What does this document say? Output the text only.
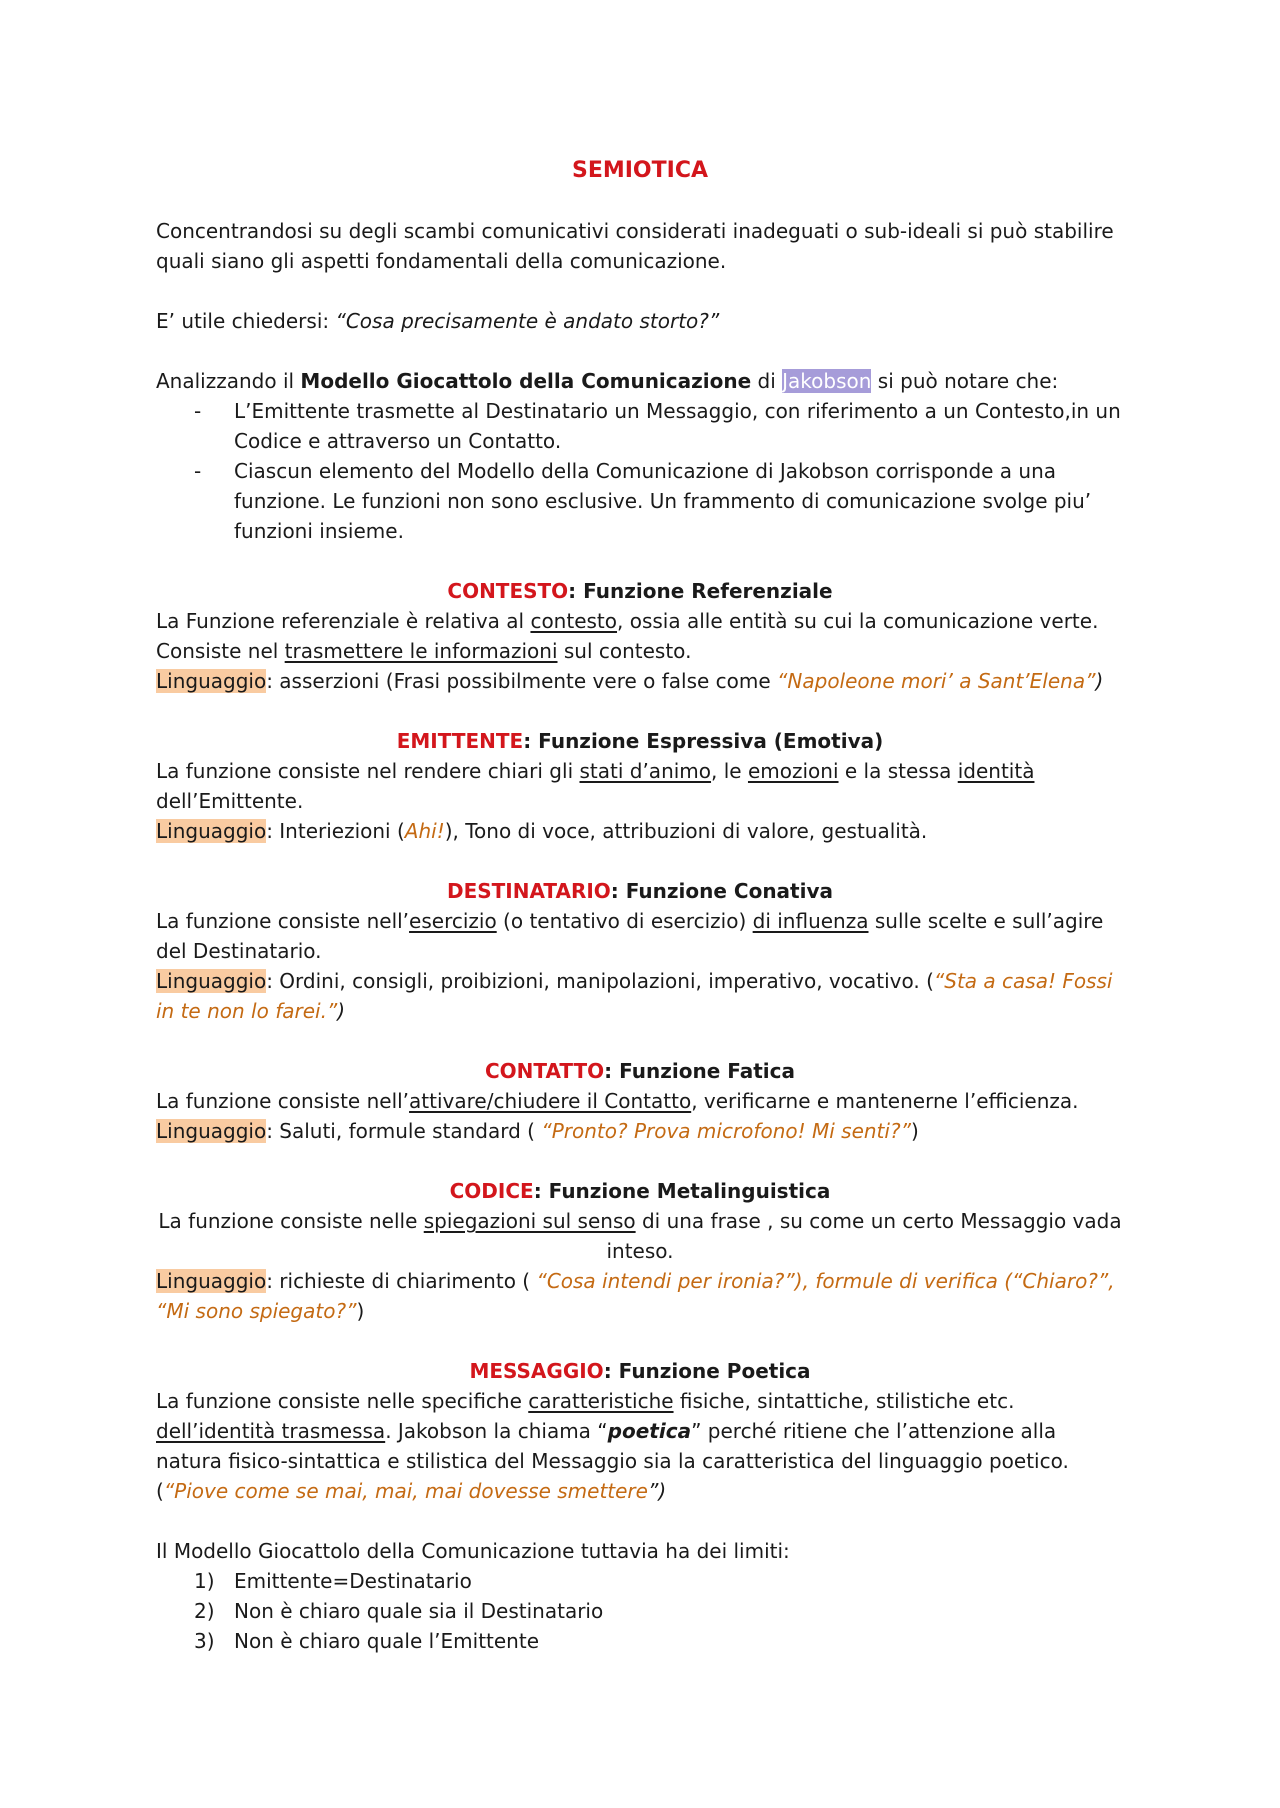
SEMIOTICA

Concentrandosi su degli scambi comunicativi considerati inadeguati o sub-ideali si può stabilire quali siano gli aspetti fondamentali della comunicazione.

E’ utile chiedersi: “Cosa precisamente è andato storto?”

Analizzando il Modello Giocattolo della Comunicazione di Jakobson si può notare che:

- L’Emittente trasmette al Destinatario un Messaggio, con riferimento a un Contesto,in un Codice e attraverso un Contatto.
- Ciascun elemento del Modello della Comunicazione di Jakobson corrisponde a una funzione. Le funzioni non sono esclusive. Un frammento di comunicazione svolge piu’ funzioni insieme.

CONTESTO: Funzione Referenziale

La Funzione referenziale è relativa al contesto, ossia alle entità su cui la comunicazione verte.

Consiste nel trasmettere le informazioni sul contesto.

Linguaggio: asserzioni (Frasi possibilmente vere o false come “Napoleone mori’ a Sant’Elena”)

EMITTENTE: Funzione Espressiva (Emotiva)

La funzione consiste nel rendere chiari gli stati d’animo, le emozioni e la stessa identità dell’Emittente.

Linguaggio: Interiezioni (Ahi!), Tono di voce, attribuzioni di valore, gestualità.

DESTINATARIO: Funzione Conativa

La funzione consiste nell’esercizio (o tentativo di esercizio) di influenza sulle scelte e sull’agire del Destinatario.

Linguaggio: Ordini, consigli, proibizioni, manipolazioni, imperativo, vocativo. (“Sta a casa! Fossi in te non lo farei.”)

CONTATTO: Funzione Fatica

La funzione consiste nell’attivare/chiudere il Contatto, verificarne e mantenerne l’efficienza.

Linguaggio: Saluti, formule standard ( “Pronto? Prova microfono! Mi senti?”)

CODICE: Funzione Metalinguistica

La funzione consiste nelle spiegazioni sul senso di una frase , su come un certo Messaggio vada inteso.

Linguaggio: richieste di chiarimento ( “Cosa intendi per ironia?”), formule di verifica (“Chiaro?”, “Mi sono spiegato?”)

MESSAGGIO: Funzione Poetica

La funzione consiste nelle specifiche caratteristiche fisiche, sintattiche, stilistiche etc. dell’identità trasmessa. Jakobson la chiama “poetica” perché ritiene che l’attenzione alla natura fisico-sintattica e stilistica del Messaggio sia la caratteristica del linguaggio poetico.

(“Piove come se mai, mai, mai dovesse smettere”)

Il Modello Giocattolo della Comunicazione tuttavia ha dei limiti:

1) Emittente=Destinatario
2) Non è chiaro quale sia il Destinatario
3) Non è chiaro quale l’Emittente
